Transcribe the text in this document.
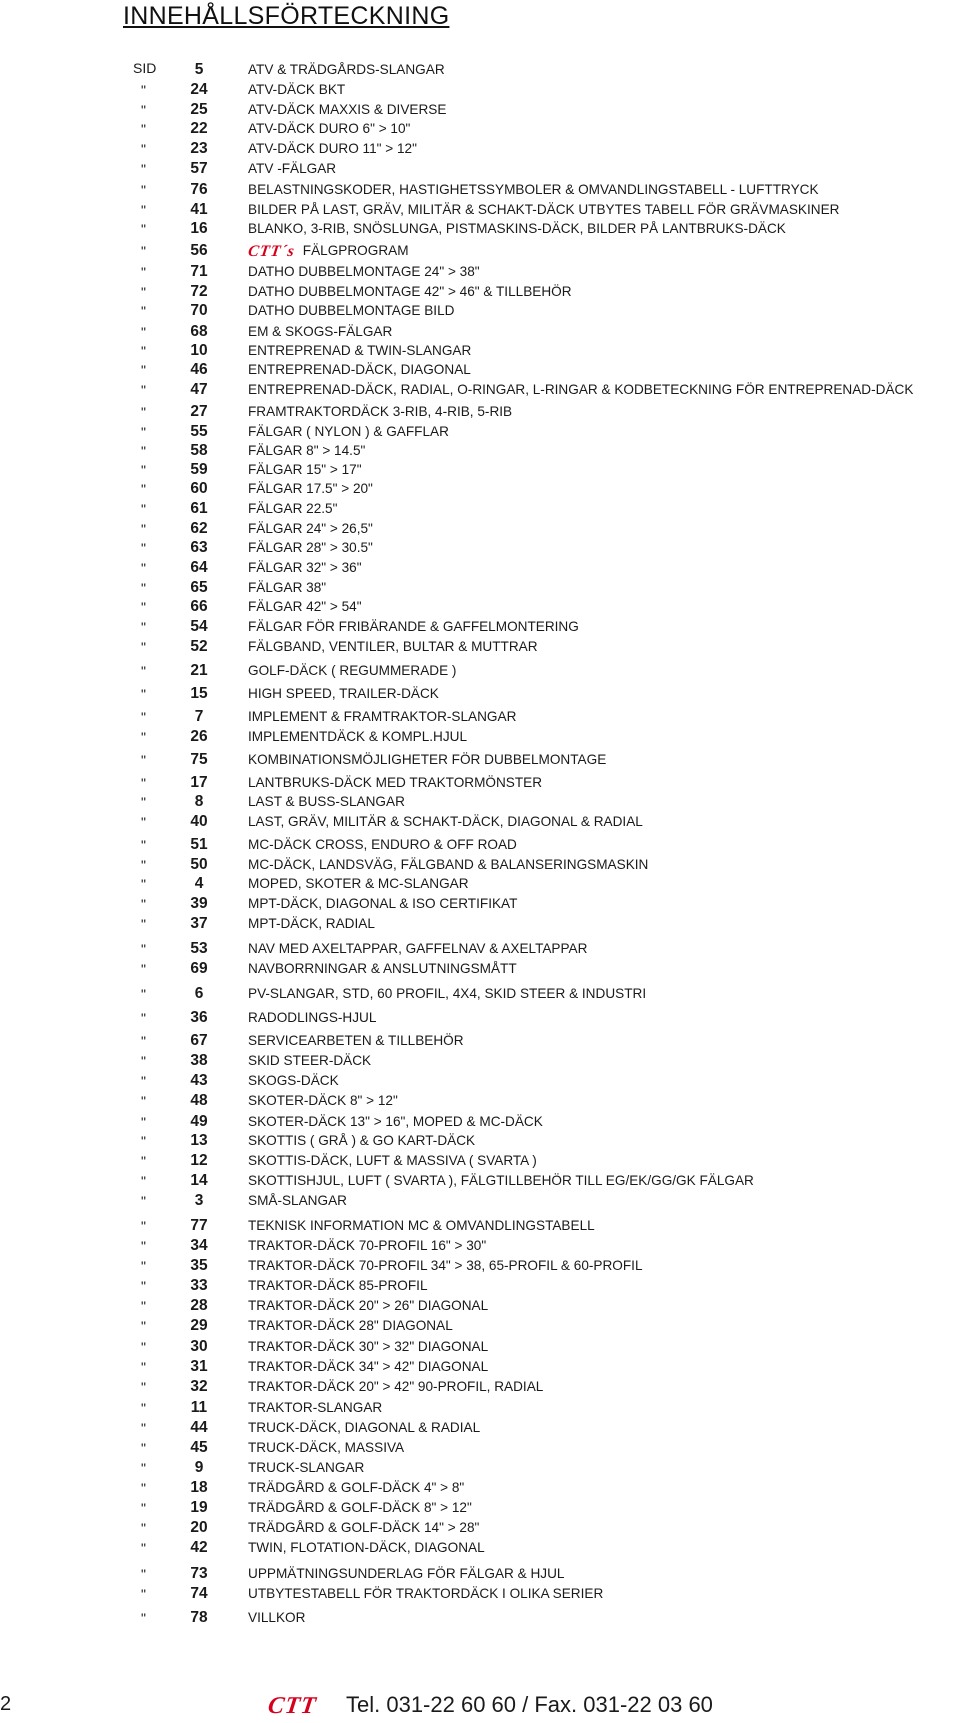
INNEHÅLLSFÖRTECKNING
SID	5	ATV & TRÄDGÅRDS-SLANGAR
"	24	ATV-DÄCK BKT
"	25	ATV-DÄCK MAXXIS & DIVERSE
"	22	ATV-DÄCK DURO 6" > 10"
"	23	ATV-DÄCK DURO 11" > 12"
"	57	ATV -FÄLGAR
"	76	BELASTNINGSKODER, HASTIGHETSSYMBOLER & OMVANDLINGSTABELL - LUFTTRYCK
"	41	BILDER PÅ LAST, GRÄV, MILITÄR & SCHAKT-DÄCK UTBYTES TABELL FÖR GRÄVMASKINER
"	16	BLANKO, 3-RIB, SNÖSLUNGA, PISTMASKINS-DÄCK, BILDER PÅ LANTBRUKS-DÄCK
"	56	CTT´s FÄLGPROGRAM
"	71	DATHO DUBBELMONTAGE 24" > 38"
"	72	DATHO DUBBELMONTAGE 42" > 46" & TILLBEHÖR
"	70	DATHO DUBBELMONTAGE BILD
"	68	EM & SKOGS-FÄLGAR
"	10	ENTREPRENAD & TWIN-SLANGAR
"	46	ENTREPRENAD-DÄCK, DIAGONAL
"	47	ENTREPRENAD-DÄCK, RADIAL, O-RINGAR, L-RINGAR & KODBETECKNING FÖR ENTREPRENAD-DÄCK
"	27	FRAMTRAKTORDÄCK 3-RIB, 4-RIB, 5-RIB
"	55	FÄLGAR ( NYLON ) & GAFFLAR
"	58	FÄLGAR 8" > 14.5"
"	59	FÄLGAR 15" > 17"
"	60	FÄLGAR 17.5" > 20"
"	61	FÄLGAR 22.5"
"	62	FÄLGAR 24" > 26,5"
"	63	FÄLGAR 28" > 30.5"
"	64	FÄLGAR 32" > 36"
"	65	FÄLGAR 38"
"	66	FÄLGAR 42" > 54"
"	54	FÄLGAR FÖR FRIBÄRANDE & GAFFELMONTERING
"	52	FÄLGBAND, VENTILER, BULTAR & MUTTRAR
"	21	GOLF-DÄCK ( REGUMMERADE )
"	15	HIGH SPEED, TRAILER-DÄCK
"	7	IMPLEMENT & FRAMTRAKTOR-SLANGAR
"	26	IMPLEMENTDÄCK & KOMPL.HJUL
"	75	KOMBINATIONSMÖJLIGHETER FÖR DUBBELMONTAGE
"	17	LANTBRUKS-DÄCK MED TRAKTORMÖNSTER
"	8	LAST & BUSS-SLANGAR
"	40	LAST, GRÄV, MILITÄR & SCHAKT-DÄCK, DIAGONAL & RADIAL
"	51	MC-DÄCK CROSS, ENDURO & OFF ROAD
"	50	MC-DÄCK, LANDSVÄG, FÄLGBAND & BALANSERINGSMASKIN
"	4	MOPED, SKOTER & MC-SLANGAR
"	39	MPT-DÄCK, DIAGONAL & ISO CERTIFIKAT
"	37	MPT-DÄCK, RADIAL
"	53	NAV MED AXELTAPPAR, GAFFELNAV & AXELTAPPAR
"	69	NAVBORRNINGAR & ANSLUTNINGSMÅTT
"	6	PV-SLANGAR, STD, 60 PROFIL, 4X4, SKID STEER & INDUSTRI
"	36	RADODLINGS-HJUL
"	67	SERVICEARBETEN & TILLBEHÖR
"	38	SKID STEER-DÄCK
"	43	SKOGS-DÄCK
"	48	SKOTER-DÄCK 8" > 12"
"	49	SKOTER-DÄCK 13" > 16", MOPED & MC-DÄCK
"	13	SKOTTIS ( GRÅ ) & GO KART-DÄCK
"	12	SKOTTIS-DÄCK, LUFT & MASSIVA ( SVARTA )
"	14	SKOTTISHJUL, LUFT ( SVARTA ), FÄLGTILLBEHÖR TILL EG/EK/GG/GK FÄLGAR
"	3	SMÅ-SLANGAR
"	77	TEKNISK INFORMATION MC & OMVANDLINGSTABELL
"	34	TRAKTOR-DÄCK 70-PROFIL 16" > 30"
"	35	TRAKTOR-DÄCK 70-PROFIL 34" > 38, 65-PROFIL & 60-PROFIL
"	33	TRAKTOR-DÄCK 85-PROFIL
"	28	TRAKTOR-DÄCK 20" > 26" DIAGONAL
"	29	TRAKTOR-DÄCK 28" DIAGONAL
"	30	TRAKTOR-DÄCK 30" > 32" DIAGONAL
"	31	TRAKTOR-DÄCK 34" > 42" DIAGONAL
"	32	TRAKTOR-DÄCK 20" > 42" 90-PROFIL, RADIAL
"	11	TRAKTOR-SLANGAR
"	44	TRUCK-DÄCK, DIAGONAL & RADIAL
"	45	TRUCK-DÄCK, MASSIVA
"	9	TRUCK-SLANGAR
"	18	TRÄDGÅRD & GOLF-DÄCK 4" > 8"
"	19	TRÄDGÅRD & GOLF-DÄCK 8" > 12"
"	20	TRÄDGÅRD & GOLF-DÄCK 14" > 28"
"	42	TWIN, FLOTATION-DÄCK, DIAGONAL
"	73	UPPMÄTNINGSUNDERLAG FÖR FÄLGAR & HJUL
"	74	UTBYTESTABELL FÖR TRAKTORDÄCK I OLIKA SERIER
"	78	VILLKOR
2	CTT Tel. 031-22 60 60 / Fax. 031-22 03 60
